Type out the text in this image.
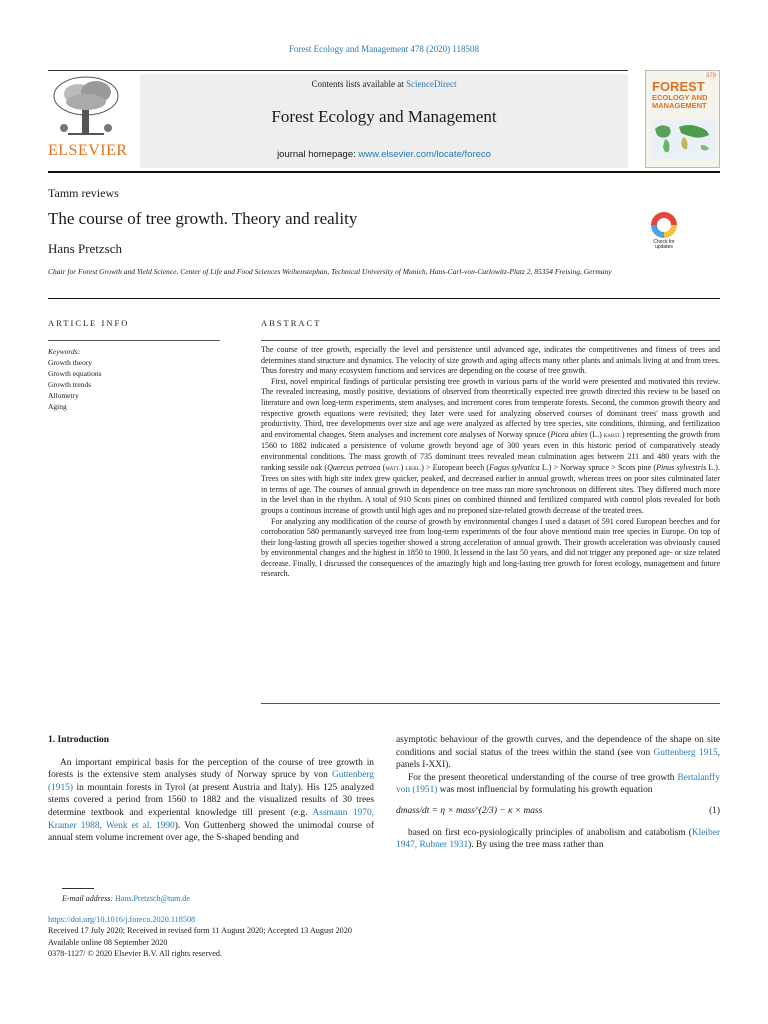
Forest Ecology and Management 478 (2020) 118508
ELSEVIER
Contents lists available at ScienceDirect
Forest Ecology and Management
journal homepage: www.elsevier.com/locate/foreco
379
FOREST
ECOLOGY AND
MANAGEMENT
Tamm reviews
The course of tree growth. Theory and reality
Hans Pretzsch	Check for updates
Chair for Forest Growth and Yield Science, Center of Life and Food Sciences Weihenstephan, Technical University of Munich, Hans-Carl-von-Carlowitz-Platz 2, 85354 Freising, Germany
ARTICLE INFO
Keywords:
Growth theory
Growth equations
Growth trends
Allometry
Aging
ABSTRACT

The course of tree growth, especially the level and persistence until advanced age, indicates the competitivenes and fitness of trees and determines stand structure and dynamics. The velocity of size growth and aging affects many other plants and animals living at and from trees. Thus forestry and many ecosystem functions and services are depending on the course of tree growth.

First, novel empirical findings of particular persisting tree growth in various parts of the world were presented and motivated this review. The revealed increasing, mostly positive, deviations of observed from theoretically expected tree growth directed this review to be based on literature and own long-term experiments, stem analyses, and increment cores from temperate forests. Second, the common growth theory and respective growth equations were revisited; they later were used for analyzing observed courses of dominant trees' mass growth and productivity. Third, tree developments over size and age were analyzed as affected by tree species, site conditions, thinning, and fertilization and enviromental changes. Stem analyses and increment core analyses of Norway spruce (Picea abies (L.) karst.) representing the growth from 1560 to 1882 indicated a persistence of volume growth beyond age of 300 years even in this historic period of comparatively steady environmental conditions. The mass growth of 735 dominant trees revealed mean culmination ages between 211 and 480 years with the ranking sessile oak (Quercus petraea (matt.) liebl.) > European beech (Fagus sylvatica L.) > Norway spruce > Scots pine (Pinus sylvestris L.). Trees on sites with high site index grew quicker, peaked, and decreased earlier in annual growth, whereas trees on poor sites culminated later in terms of age. The courses of annual growth in dependence on tree mass ran more synchronous on different sites. They differed much more in the level than in the rhythm. A total of 910 Scots pines on combined thinned and fertilized compared with control plots revealed for both groups a continous increase of growth until high ages and no preponed size-related growth decrease of the treated trees.

For analyzing any modification of the course of growth by environmental changes I used a dataset of 591 cored European beeches and for corroboration 580 permanantly surveyed tree from long-term experiments of the four above mentiond main tree species in Europe. On top of their long-lasting growth all species together showed a strong acceleration of annual growth. Their growth acceleration was obviously caused by environmental changes and the highest in 1850 to 1900. It lessend in the last 50 years, and did not trigger any preponed age- or size related decrease. Finally, I discussed the consequences of the amazingly high and long-lasting tree growth for forest ecology, management and future research.

1. Introduction

An important empirical basis for the perception of the course of tree growth in forests is the extensive stem analyses study of Norway spruce by von Guttenberg (1915) in mountain forests in Tyrol (at present Austria and Italy). His 125 analyzed stems covered a period from 1560 to 1882 and the visualized results of 30 trees determine textbook and experiental knowledge till present (e.g. Assmann 1970, Kramer 1988, Wenk et al. 1990). Von Guttenberg showed the unimodal course of annual stem volume increment over age, the S-shaped bending and

asymptotic behaviour of the growth curves, and the dependence of the shape on site conditions and social status of the trees within the stand (see von Guttenberg 1915, panels I-XXI).

For the present theoretical understanding of the course of tree growth Bertalanffy von (1951) was most influencial by formulating his growth equation

dmass/dt = η × mass^(2/3) − κ × mass	(1)

based on first eco-pysiologically principles of anabolism and catabolism (Kleiber 1947, Rubner 1931). By using the tree mass rather than

E-mail address: Hans.Pretzsch@tum.de
https://doi.org/10.1016/j.foreco.2020.118508
Received 17 July 2020; Received in revised form 11 August 2020; Accepted 13 August 2020
Available online 08 September 2020
0378-1127/ © 2020 Elsevier B.V. All rights reserved.
